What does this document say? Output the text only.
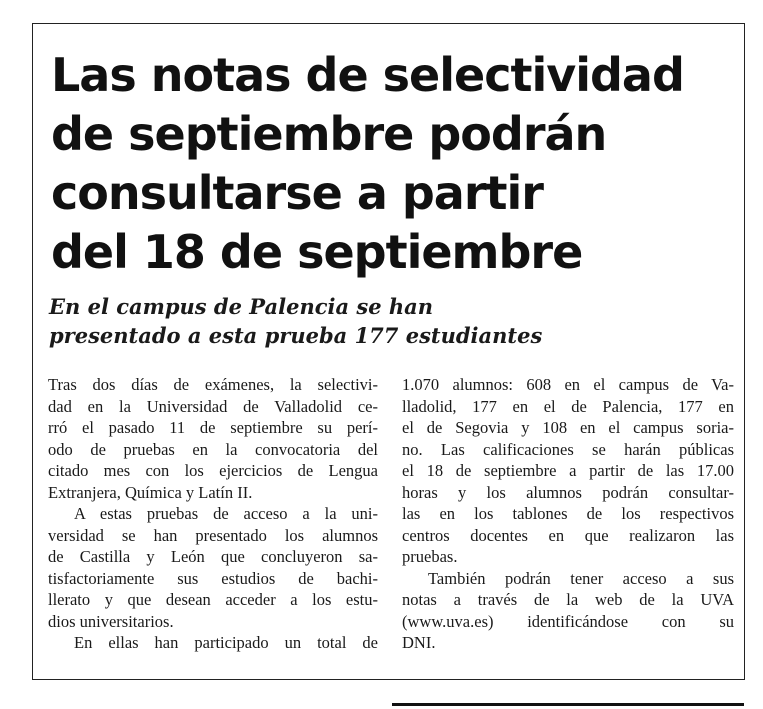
Las notas de selectividad
de septiembre podrán
consultarse a partir
del 18 de septiembre
En el campus de Palencia se han
presentado a esta prueba 177 estudiantes
Tras dos días de exámenes, la selectivi-
dad en la Universidad de Valladolid ce-
rró el pasado 11 de septiembre su perí-
odo de pruebas en la convocatoria del
citado mes con los ejercicios de Lengua
Extranjera, Química y Latín II.
A estas pruebas de acceso a la uni-
versidad se han presentado los alumnos
de Castilla y León que concluyeron sa-
tisfactoriamente sus estudios de bachi-
llerato y que desean acceder a los estu-
dios universitarios.
En ellas han participado un total de
1.070 alumnos: 608 en el campus de Va-
lladolid, 177 en el de Palencia, 177 en
el de Segovia y 108 en el campus soria-
no. Las calificaciones se harán públicas
el 18 de septiembre a partir de las 17.00
horas y los alumnos podrán consultar-
las en los tablones de los respectivos
centros docentes en que realizaron las
pruebas.
También podrán tener acceso a sus
notas a través de la web de la UVA
(www.uva.es) identificándose con su
DNI.
